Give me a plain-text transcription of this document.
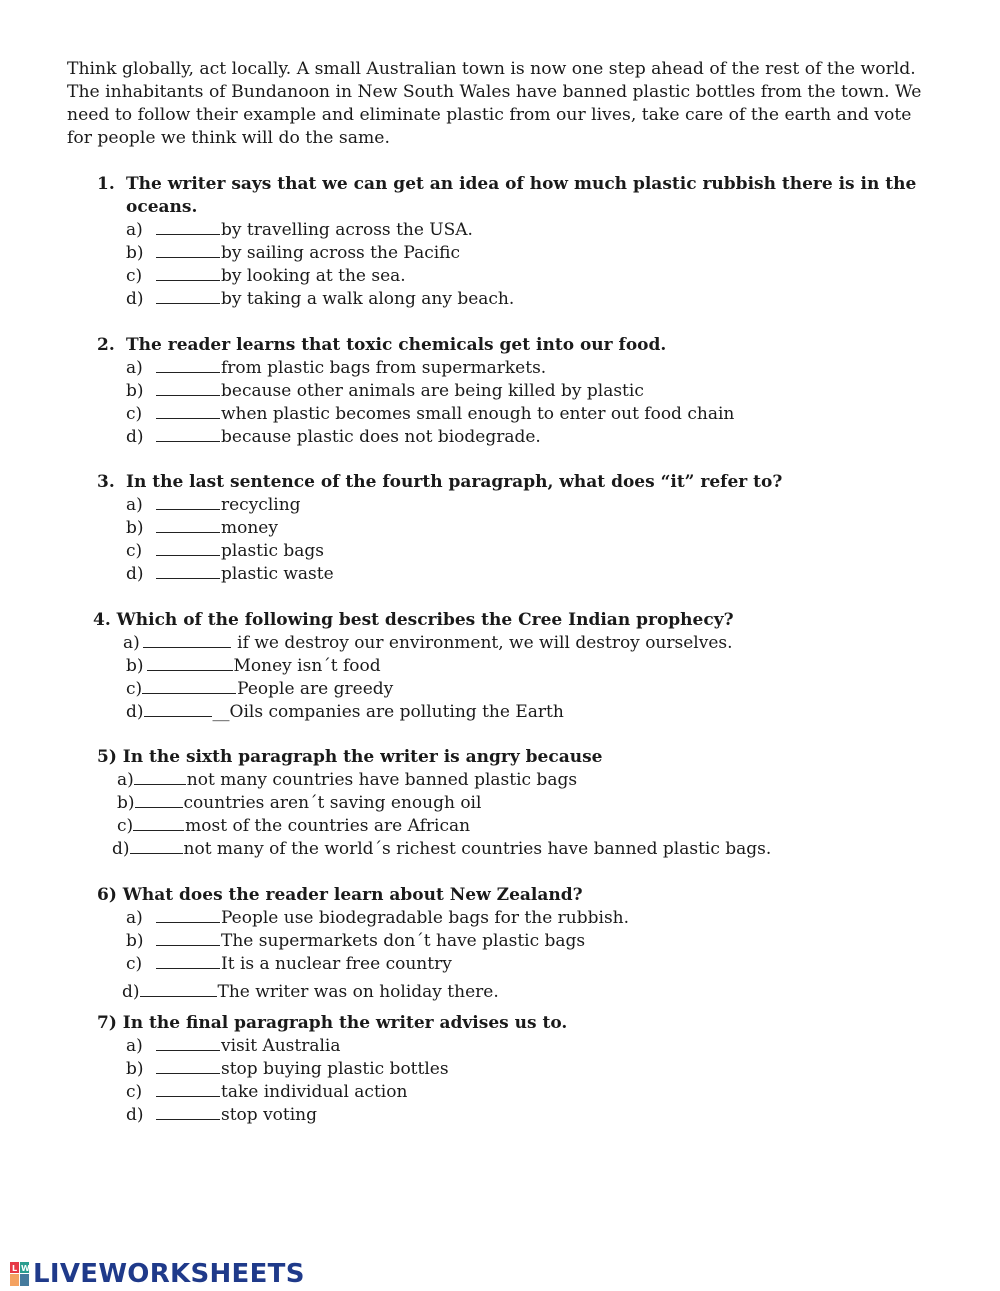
Think globally, act locally. A small Australian town is now one step ahead of the rest of the world. The inhabitants of Bundanoon in New South Wales have banned plastic bottles from the town. We need to follow their example and eliminate plastic from our lives, take care of the earth and vote for people we think will do the same.

1. The writer says that we can get an idea of how much plastic rubbish there is in the
oceans.
a)	by travelling across the USA.
b)	by sailing across the Pacific
c)	by looking at the sea.
d)	by taking a walk along any beach.
2. The reader learns that toxic chemicals get into our food.
a)	from plastic bags from supermarkets.
b)	because other animals are being killed by plastic
c)	when plastic becomes small enough to enter out food chain
d)	because plastic does not biodegrade.
3. In the last sentence of the fourth paragraph, what does “it” refer to?
a)	recycling
b)	money
c)	plastic bags
d)	plastic waste
4. Which of the following best describes the Cree Indian prophecy?
a)	if we destroy our environment, we will destroy ourselves.
b)	Money isn´t food
c)	People are greedy
d)	__Oils companies are polluting the Earth
5) In the sixth paragraph the writer is angry because
a)	not many countries have banned plastic bags
b)	countries aren´t saving enough oil
c)	most of the countries are African
d)	not many of the world´s richest countries have banned plastic bags.
6) What does the reader learn about New Zealand?
a)	People use biodegradable bags for the rubbish.
b)	The supermarkets don´t have plastic bags
c)	It is a nuclear free country
d)	The writer was on holiday there.
7) In the final paragraph the writer advises us to.
a)	visit Australia
b)	stop buying plastic bottles
c)	take individual action
d)	stop voting
L W LIVEWORKSHEETS
